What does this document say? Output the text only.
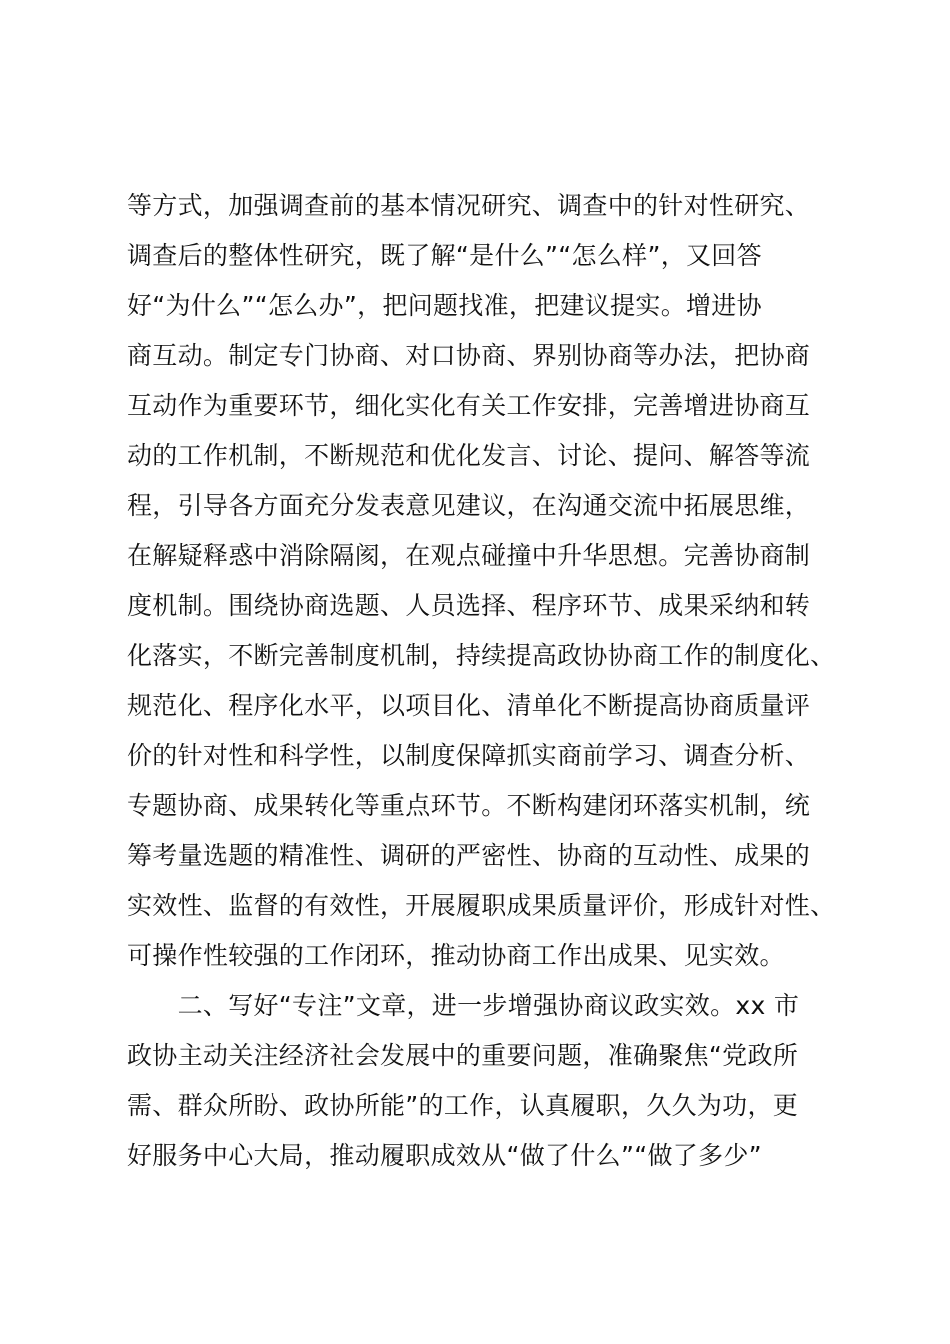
等方式，加强调查前的基本情况研究、调查中的针对性研究、
调查后的整体性研究，既了解“是什么”“怎么样”，又回答
好“为什么”“怎么办”，把问题找准，把建议提实。增进协
商互动。制定专门协商、对口协商、界别协商等办法，把协商
互动作为重要环节，细化实化有关工作安排，完善增进协商互
动的工作机制，不断规范和优化发言、讨论、提问、解答等流
程，引导各方面充分发表意见建议，在沟通交流中拓展思维，
在解疑释惑中消除隔阂，在观点碰撞中升华思想。完善协商制
度机制。围绕协商选题、人员选择、程序环节、成果采纳和转
化落实，不断完善制度机制，持续提高政协协商工作的制度化、
规范化、程序化水平，以项目化、清单化不断提高协商质量评
价的针对性和科学性，以制度保障抓实商前学习、调查分析、
专题协商、成果转化等重点环节。不断构建闭环落实机制，统
筹考量选题的精准性、调研的严密性、协商的互动性、成果的
实效性、监督的有效性，开展履职成果质量评价，形成针对性、
可操作性较强的工作闭环，推动协商工作出成果、见实效。
　　二、写好“专注”文章，进一步增强协商议政实效。xx 市
政协主动关注经济社会发展中的重要问题，准确聚焦“党政所
需、群众所盼、政协所能”的工作，认真履职，久久为功，更
好服务中心大局，推动履职成效从“做了什么”“做了多少”
